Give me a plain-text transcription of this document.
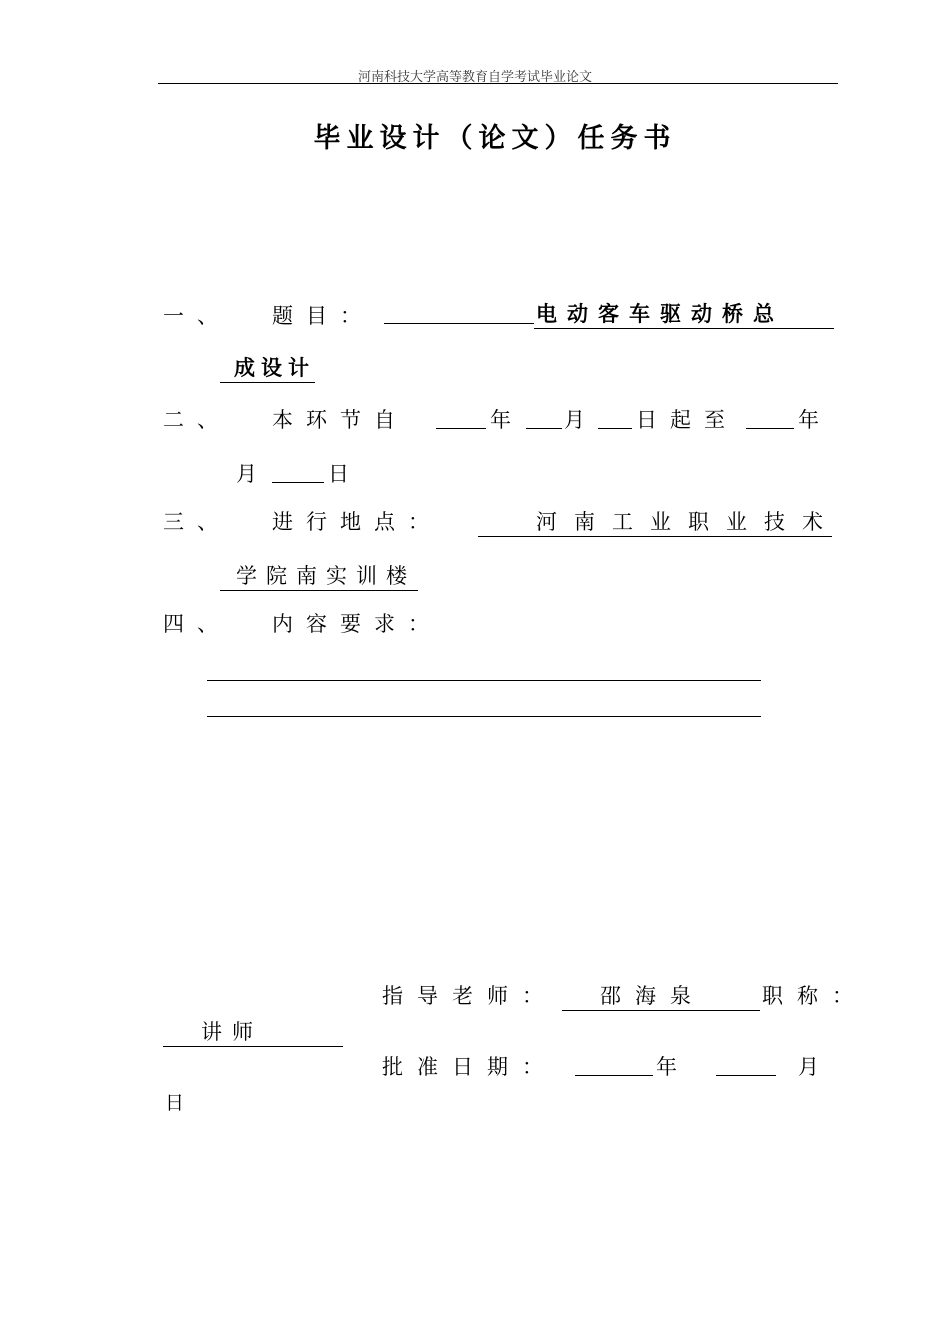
河南科技大学高等教育自学考试毕业论文
毕业设计（论文）任务书
一、 题目：	电动客车驱动桥总
成设计
二、 本环节自	年 月 日起至	年
月	日
三、 进行地点：	河南工业职业技术
学院南实训楼
四、 内容要求：
指导老师：	邵海泉	职称：
讲师
批准日期：	年	月
日
